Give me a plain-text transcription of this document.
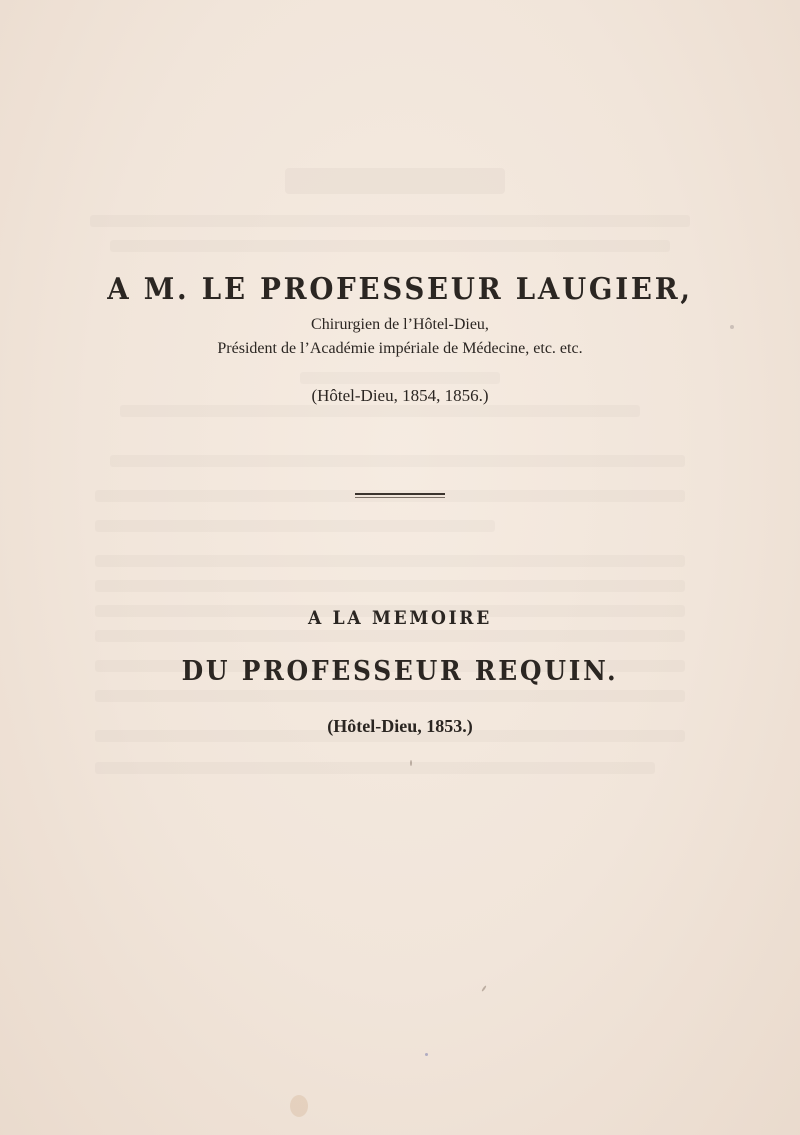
A M. LE PROFESSEUR LAUGIER,
Chirurgien de l’Hôtel-Dieu,
Président de l’Académie impériale de Médecine, etc. etc.
(Hôtel-Dieu, 1854, 1856.)
A LA MEMOIRE
DU PROFESSEUR REQUIN.
(Hôtel-Dieu, 1853.)
